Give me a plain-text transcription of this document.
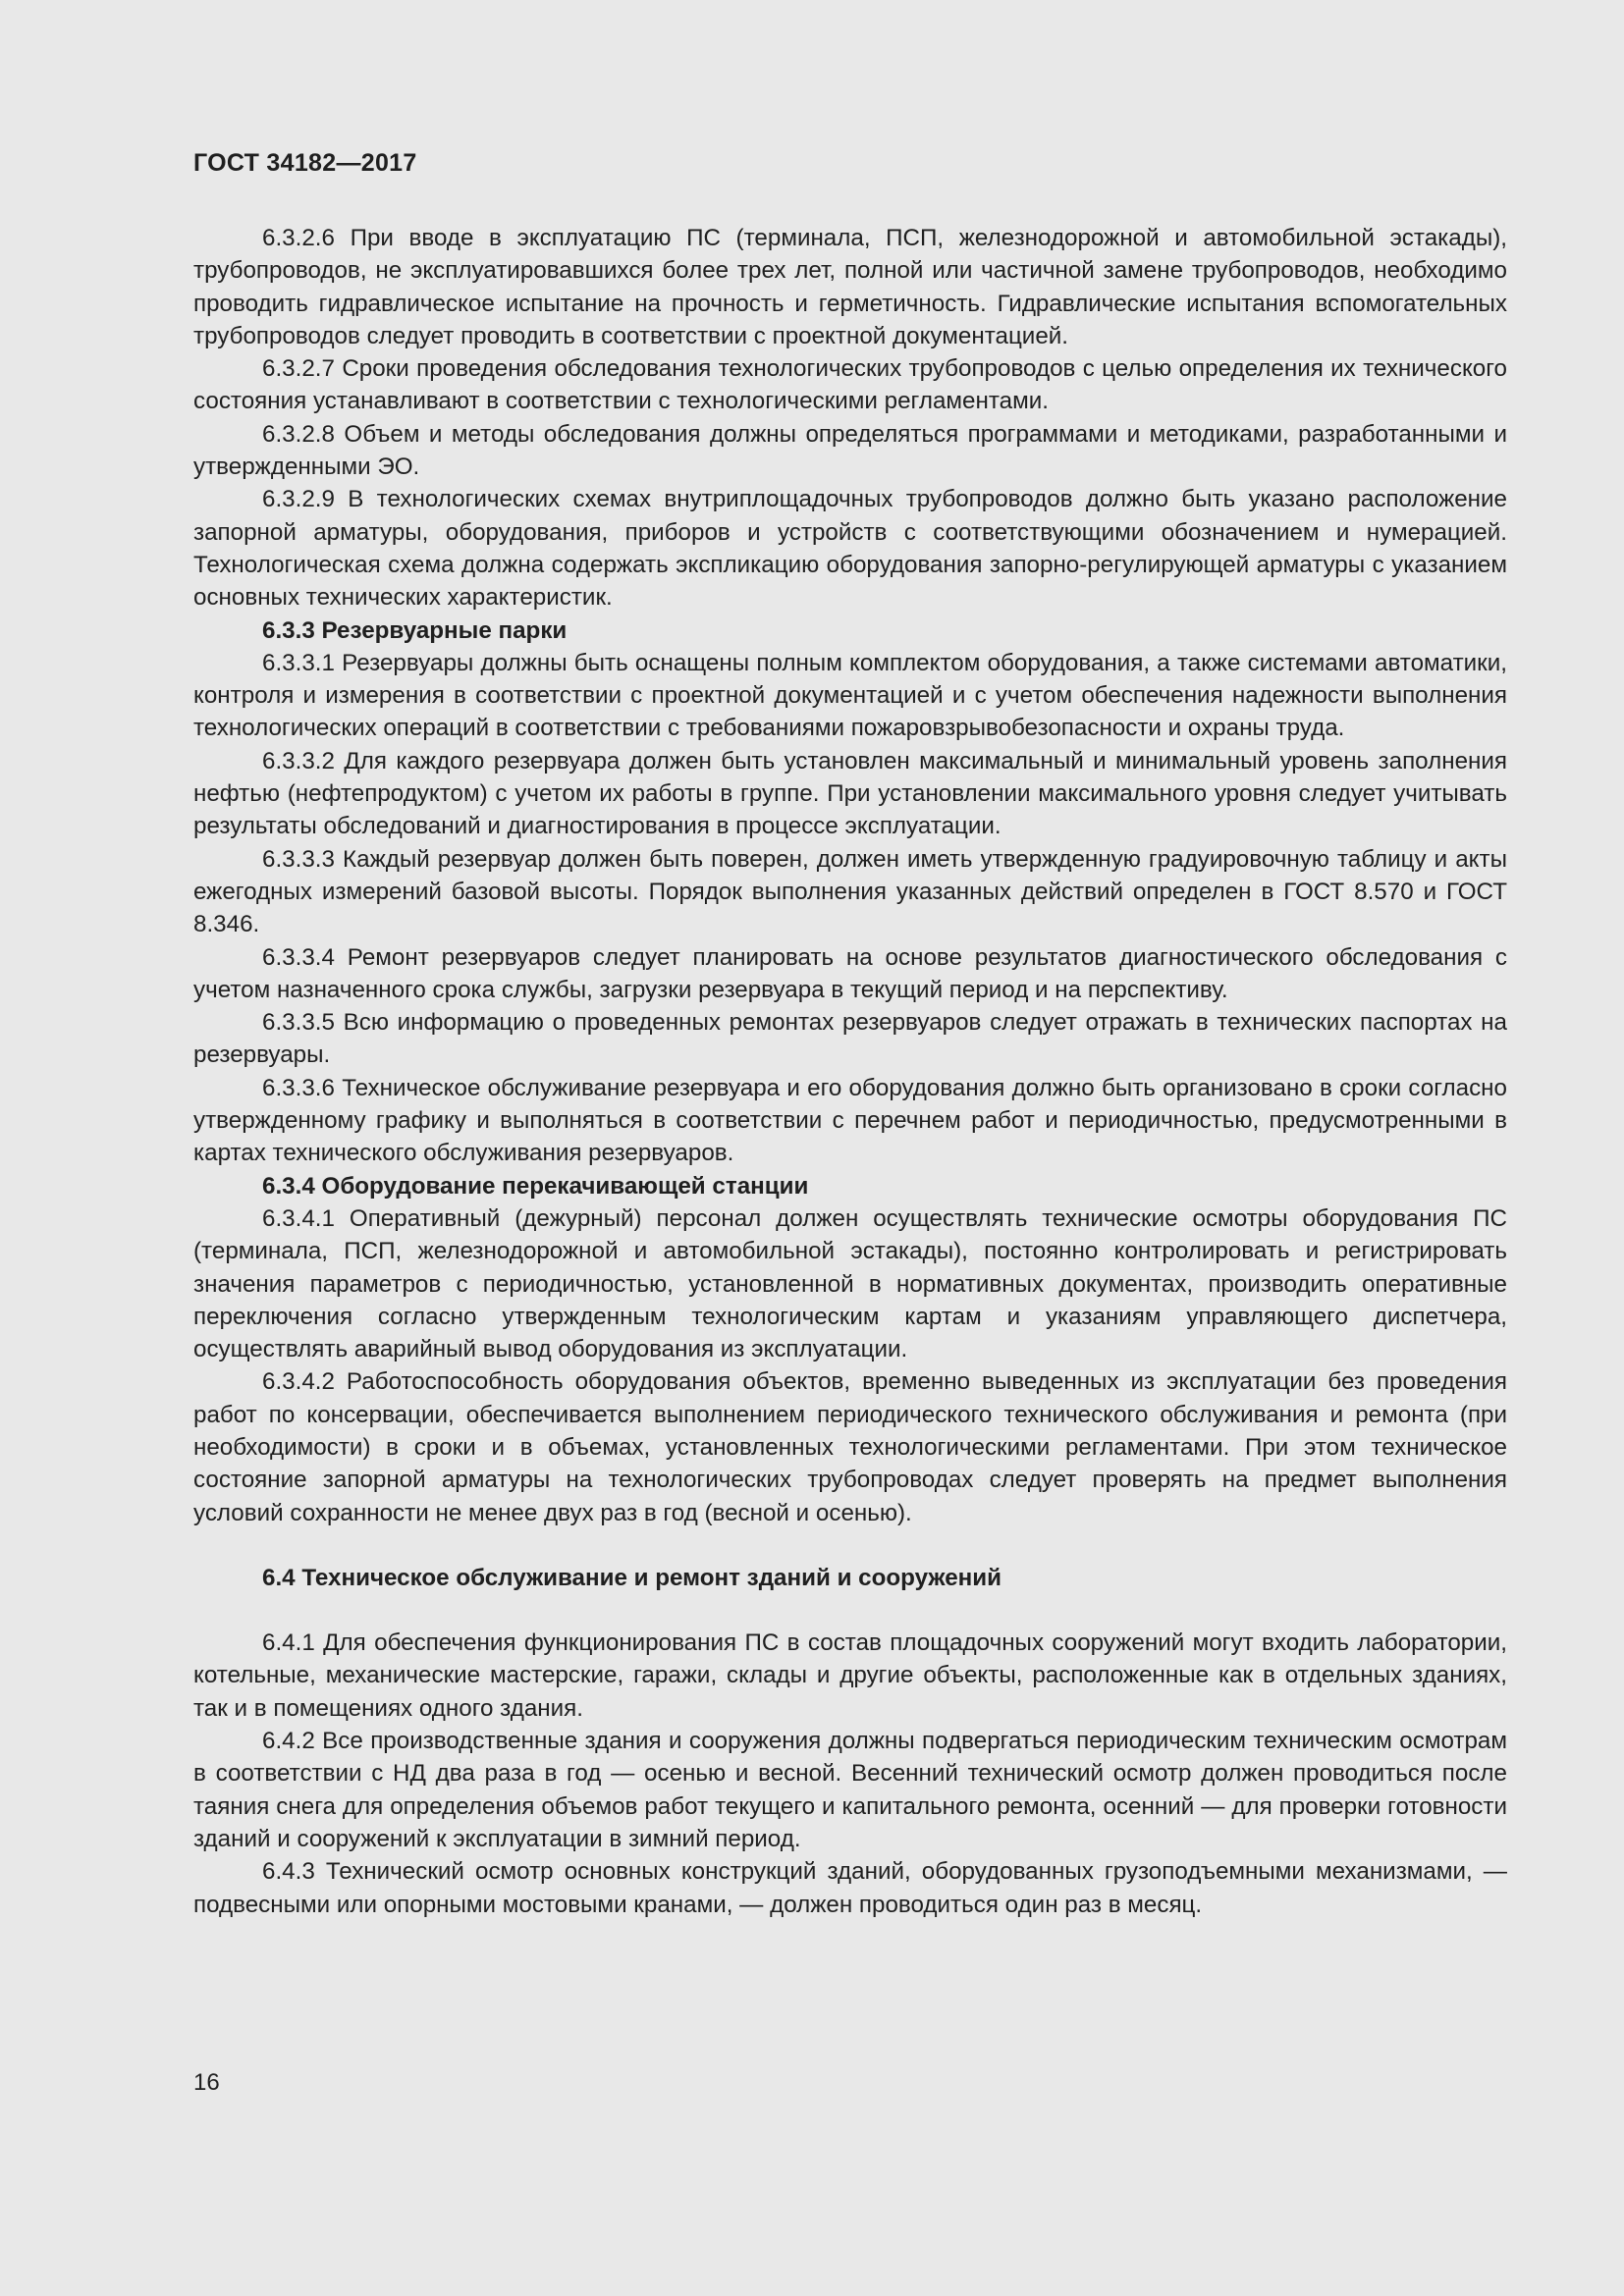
ГОСТ 34182—2017

6.3.2.6 При вводе в эксплуатацию ПС (терминала, ПСП, железнодорожной и автомобильной эстакады), трубопроводов, не эксплуатировавшихся более трех лет, полной или частичной замене трубопроводов, необходимо проводить гидравлическое испытание на прочность и герметичность. Гидравлические испытания вспомогательных трубопроводов следует проводить в соответствии с проектной документацией.

6.3.2.7 Сроки проведения обследования технологических трубопроводов с целью определения их технического состояния устанавливают в соответствии с технологическими регламентами.

6.3.2.8 Объем и методы обследования должны определяться программами и методиками, разработанными и утвержденными ЭО.

6.3.2.9 В технологических схемах внутриплощадочных трубопроводов должно быть указано расположение запорной арматуры, оборудования, приборов и устройств с соответствующими обозначением и нумерацией. Технологическая схема должна содержать экспликацию оборудования запорно-регулирующей арматуры с указанием основных технических характеристик.

6.3.3 Резервуарные парки

6.3.3.1 Резервуары должны быть оснащены полным комплектом оборудования, а также системами автоматики, контроля и измерения в соответствии с проектной документацией и с учетом обеспечения надежности выполнения технологических операций в соответствии с требованиями пожаровзрывобезопасности и охраны труда.

6.3.3.2 Для каждого резервуара должен быть установлен максимальный и минимальный уровень заполнения нефтью (нефтепродуктом) с учетом их работы в группе. При установлении максимального уровня следует учитывать результаты обследований и диагностирования в процессе эксплуатации.

6.3.3.3 Каждый резервуар должен быть поверен, должен иметь утвержденную градуировочную таблицу и акты ежегодных измерений базовой высоты. Порядок выполнения указанных действий определен в ГОСТ 8.570 и ГОСТ 8.346.

6.3.3.4 Ремонт резервуаров следует планировать на основе результатов диагностического обследования с учетом назначенного срока службы, загрузки резервуара в текущий период и на перспективу.

6.3.3.5 Всю информацию о проведенных ремонтах резервуаров следует отражать в технических паспортах на резервуары.

6.3.3.6 Техническое обслуживание резервуара и его оборудования должно быть организовано в сроки согласно утвержденному графику и выполняться в соответствии с перечнем работ и периодичностью, предусмотренными в картах технического обслуживания резервуаров.

6.3.4 Оборудование перекачивающей станции

6.3.4.1 Оперативный (дежурный) персонал должен осуществлять технические осмотры оборудования ПС (терминала, ПСП, железнодорожной и автомобильной эстакады), постоянно контролировать и регистрировать значения параметров с периодичностью, установленной в нормативных документах, производить оперативные переключения согласно утвержденным технологическим картам и указаниям управляющего диспетчера, осуществлять аварийный вывод оборудования из эксплуатации.

6.3.4.2 Работоспособность оборудования объектов, временно выведенных из эксплуатации без проведения работ по консервации, обеспечивается выполнением периодического технического обслуживания и ремонта (при необходимости) в сроки и в объемах, установленных технологическими регламентами. При этом техническое состояние запорной арматуры на технологических трубопроводах следует проверять на предмет выполнения условий сохранности не менее двух раз в год (весной и осенью).

6.4 Техническое обслуживание и ремонт зданий и сооружений

6.4.1 Для обеспечения функционирования ПС в состав площадочных сооружений могут входить лаборатории, котельные, механические мастерские, гаражи, склады и другие объекты, расположенные как в отдельных зданиях, так и в помещениях одного здания.

6.4.2 Все производственные здания и сооружения должны подвергаться периодическим техническим осмотрам в соответствии с НД два раза в год — осенью и весной. Весенний технический осмотр должен проводиться после таяния снега для определения объемов работ текущего и капитального ремонта, осенний — для проверки готовности зданий и сооружений к эксплуатации в зимний период.

6.4.3 Технический осмотр основных конструкций зданий, оборудованных грузоподъемными механизмами, — подвесными или опорными мостовыми кранами, — должен проводиться один раз в месяц.

16
